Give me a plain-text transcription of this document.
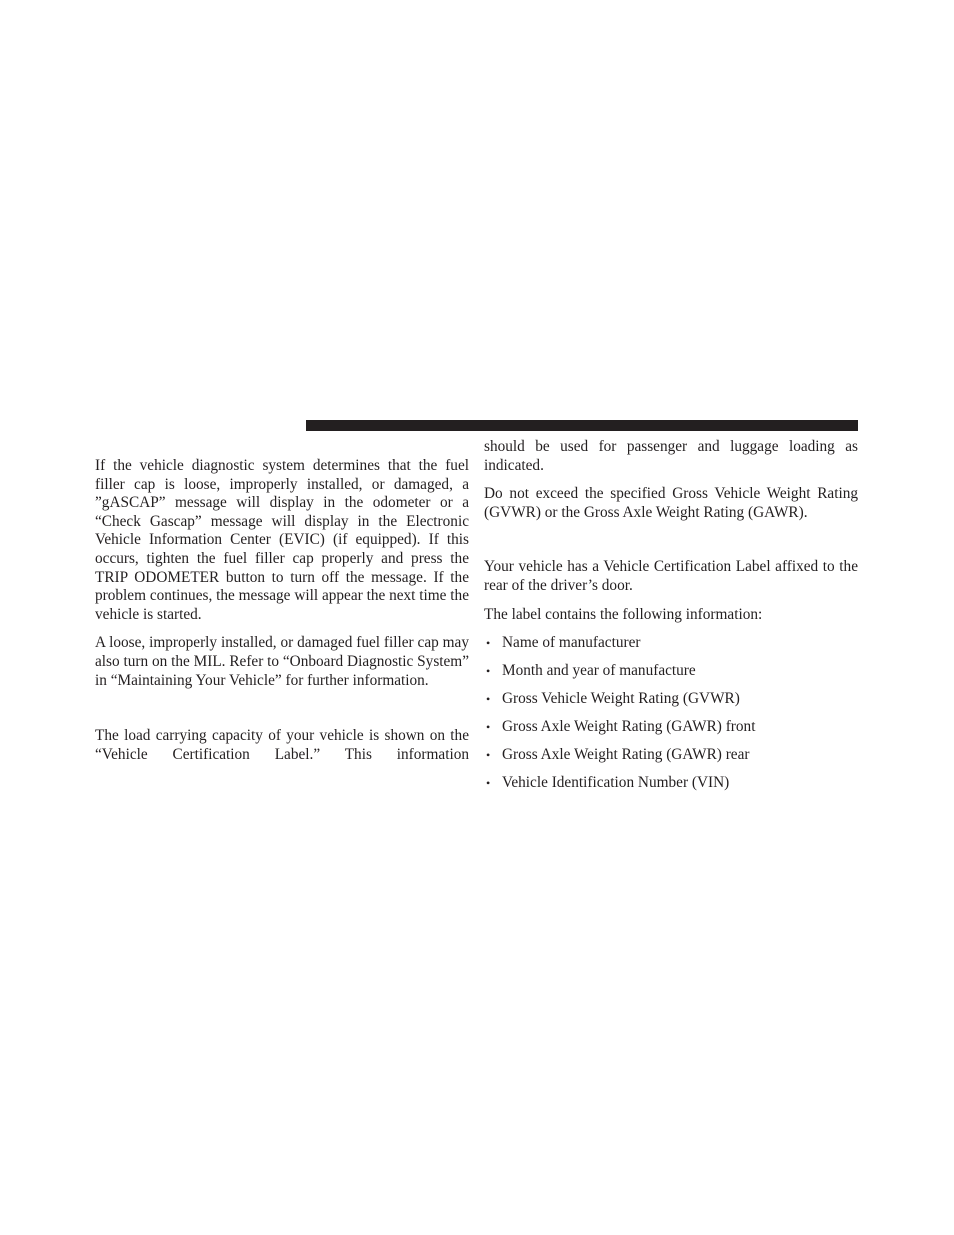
If the vehicle diagnostic system determines that the fuel filler cap is loose, improperly installed, or damaged, a ”gASCAP” message will display in the odometer or a “Check Gascap” message will display in the Electronic Vehicle Information Center (EVIC) (if equipped). If this occurs, tighten the fuel filler cap properly and press the TRIP ODOMETER button to turn off the message. If the problem continues, the message will appear the next time the vehicle is started.

A loose, improperly installed, or damaged fuel filler cap may also turn on the MIL. Refer to “Onboard Diagnostic System” in “Maintaining Your Vehicle” for further information.

The load carrying capacity of your vehicle is shown on the “Vehicle Certification Label.” This information

should be used for passenger and luggage loading as indicated.

Do not exceed the specified Gross Vehicle Weight Rating (GVWR) or the Gross Axle Weight Rating (GAWR).

Your vehicle has a Vehicle Certification Label affixed to the rear of the driver’s door.

The label contains the following information:

• Name of manufacturer
• Month and year of manufacture
• Gross Vehicle Weight Rating (GVWR)
• Gross Axle Weight Rating (GAWR) front
• Gross Axle Weight Rating (GAWR) rear
• Vehicle Identification Number (VIN)
